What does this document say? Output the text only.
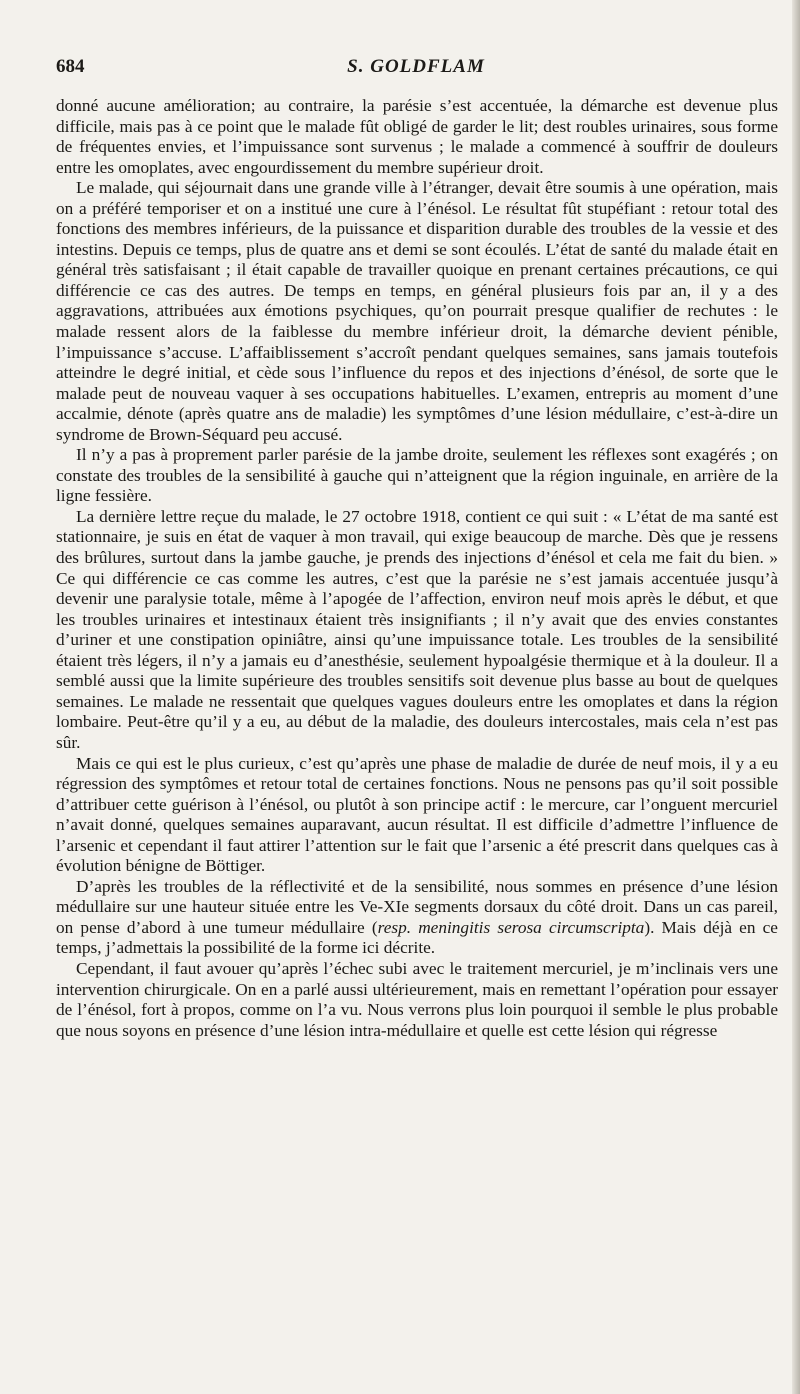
684	S. GOLDFLAM

donné aucune amélioration; au contraire, la parésie s’est accentuée, la démarche est devenue plus difficile, mais pas à ce point que le malade fût obligé de garder le lit; dest roubles urinaires, sous forme de fréquentes envies, et l’impuissance sont survenus ; le malade a commencé à souffrir de douleurs entre les omoplates, avec engourdissement du membre supérieur droit.

Le malade, qui séjournait dans une grande ville à l’étranger, devait être soumis à une opération, mais on a préféré temporiser et on a institué une cure à l’énésol. Le résultat fût stupéfiant : retour total des fonctions des membres inférieurs, de la puissance et disparition durable des troubles de la vessie et des intestins. Depuis ce temps, plus de quatre ans et demi se sont écoulés. L’état de santé du malade était en général très satisfaisant ; il était capable de travailler quoique en prenant certaines précautions, ce qui différencie ce cas des autres. De temps en temps, en général plusieurs fois par an, il y a des aggravations, attribuées aux émotions psychiques, qu’on pourrait presque qualifier de rechutes : le malade ressent alors de la faiblesse du membre inférieur droit, la démarche devient pénible, l’impuissance s’accuse. L’affaiblissement s’accroît pendant quelques semaines, sans jamais toutefois atteindre le degré initial, et cède sous l’influence du repos et des injections d’énésol, de sorte que le malade peut de nouveau vaquer à ses occupations habituelles. L’examen, entrepris au moment d’une accalmie, dénote (après quatre ans de maladie) les symptômes d’une lésion médullaire, c’est-à-dire un syndrome de Brown-Séquard peu accusé.

Il n’y a pas à proprement parler parésie de la jambe droite, seulement les réflexes sont exagérés ; on constate des troubles de la sensibilité à gauche qui n’atteignent que la région inguinale, en arrière de la ligne fessière.

La dernière lettre reçue du malade, le 27 octobre 1918, contient ce qui suit : « L’état de ma santé est stationnaire, je suis en état de vaquer à mon travail, qui exige beaucoup de marche. Dès que je ressens des brûlures, surtout dans la jambe gauche, je prends des injections d’énésol et cela me fait du bien. » Ce qui différencie ce cas comme les autres, c’est que la parésie ne s’est jamais accentuée jusqu’à devenir une paralysie totale, même à l’apogée de l’affection, environ neuf mois après le début, et que les troubles urinaires et intestinaux étaient très insignifiants ; il n’y avait que des envies constantes d’uriner et une constipation opiniâtre, ainsi qu’une impuissance totale. Les troubles de la sensibilité étaient très légers, il n’y a jamais eu d’anesthésie, seulement hypoalgésie thermique et à la douleur. Il a semblé aussi que la limite supérieure des troubles sensitifs soit devenue plus basse au bout de quelques semaines. Le malade ne ressentait que quelques vagues douleurs entre les omoplates et dans la région lombaire. Peut-être qu’il y a eu, au début de la maladie, des douleurs intercostales, mais cela n’est pas sûr.

Mais ce qui est le plus curieux, c’est qu’après une phase de maladie de durée de neuf mois, il y a eu régression des symptômes et retour total de certaines fonctions. Nous ne pensons pas qu’il soit possible d’attribuer cette guérison à l’énésol, ou plutôt à son principe actif : le mercure, car l’onguent mercuriel n’avait donné, quelques semaines auparavant, aucun résultat. Il est difficile d’admettre l’influence de l’arsenic et cependant il faut attirer l’attention sur le fait que l’arsenic a été prescrit dans quelques cas à évolution bénigne de Böttiger.

D’après les troubles de la réflectivité et de la sensibilité, nous sommes en présence d’une lésion médullaire sur une hauteur située entre les Ve-XIe segments dorsaux du côté droit. Dans un cas pareil, on pense d’abord à une tumeur médullaire (resp. meningitis serosa circumscripta). Mais déjà en ce temps, j’admettais la possibilité de la forme ici décrite.

Cependant, il faut avouer qu’après l’échec subi avec le traitement mercuriel, je m’inclinais vers une intervention chirurgicale. On en a parlé aussi ultérieurement, mais en remettant l’opération pour essayer de l’énésol, fort à propos, comme on l’a vu. Nous verrons plus loin pourquoi il semble le plus probable que nous soyons en présence d’une lésion intra-médullaire et quelle est cette lésion qui régresse
